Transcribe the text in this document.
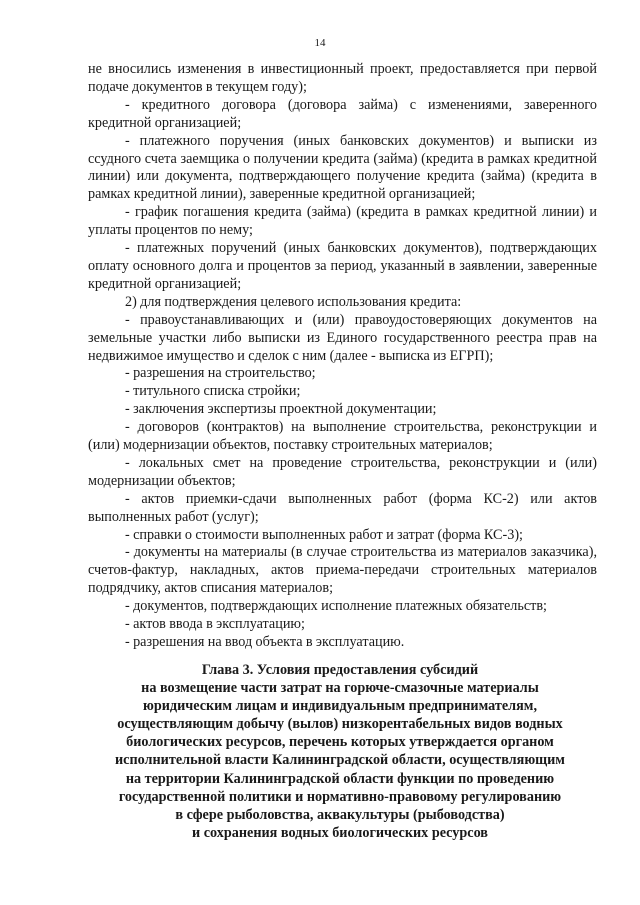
14

не вносились изменения в инвестиционный проект, предоставляется при первой подаче документов в текущем году);

- кредитного договора (договора займа) с изменениями, заверенного кредитной организацией;

- платежного поручения (иных банковских документов) и выписки из ссудного счета заемщика о получении кредита (займа) (кредита в рамках кредитной линии) или документа, подтверждающего получение кредита (займа) (кредита в рамках кредитной линии), заверенные кредитной организацией;

- график погашения кредита (займа) (кредита в рамках кредитной линии) и уплаты процентов по нему;

- платежных поручений (иных банковских документов), подтверждающих оплату основного долга и процентов за период, указанный в заявлении, заверенные кредитной организацией;

2) для подтверждения целевого использования кредита:

- правоустанавливающих и (или) правоудостоверяющих документов на земельные участки либо выписки из Единого государственного реестра прав на недвижимое имущество и сделок с ним (далее - выписка из ЕГРП);

- разрешения на строительство;

- титульного списка стройки;

- заключения экспертизы проектной документации;

- договоров (контрактов) на выполнение строительства, реконструкции и (или) модернизации объектов, поставку строительных материалов;

- локальных смет на проведение строительства, реконструкции и (или) модернизации объектов;

- актов приемки-сдачи выполненных работ (форма КС-2) или актов выполненных работ (услуг);

- справки о стоимости выполненных работ и затрат (форма КС-3);

- документы на материалы (в случае строительства из материалов заказчика), счетов-фактур, накладных, актов приема-передачи строительных материалов подрядчику, актов списания материалов;

- документов, подтверждающих исполнение платежных обязательств;

- актов ввода в эксплуатацию;

- разрешения на ввод объекта в эксплуатацию.

Глава 3. Условия предоставления субсидий

на возмещение части затрат на горюче-смазочные материалы

юридическим лицам и индивидуальным предпринимателям,

осуществляющим добычу (вылов) низкорентабельных видов водных

биологических ресурсов, перечень которых утверждается органом

исполнительной власти Калининградской области, осуществляющим

на территории Калининградской области функции по проведению

государственной политики и нормативно-правовому регулированию

в сфере рыболовства, аквакультуры (рыбоводства)

и сохранения водных биологических ресурсов
